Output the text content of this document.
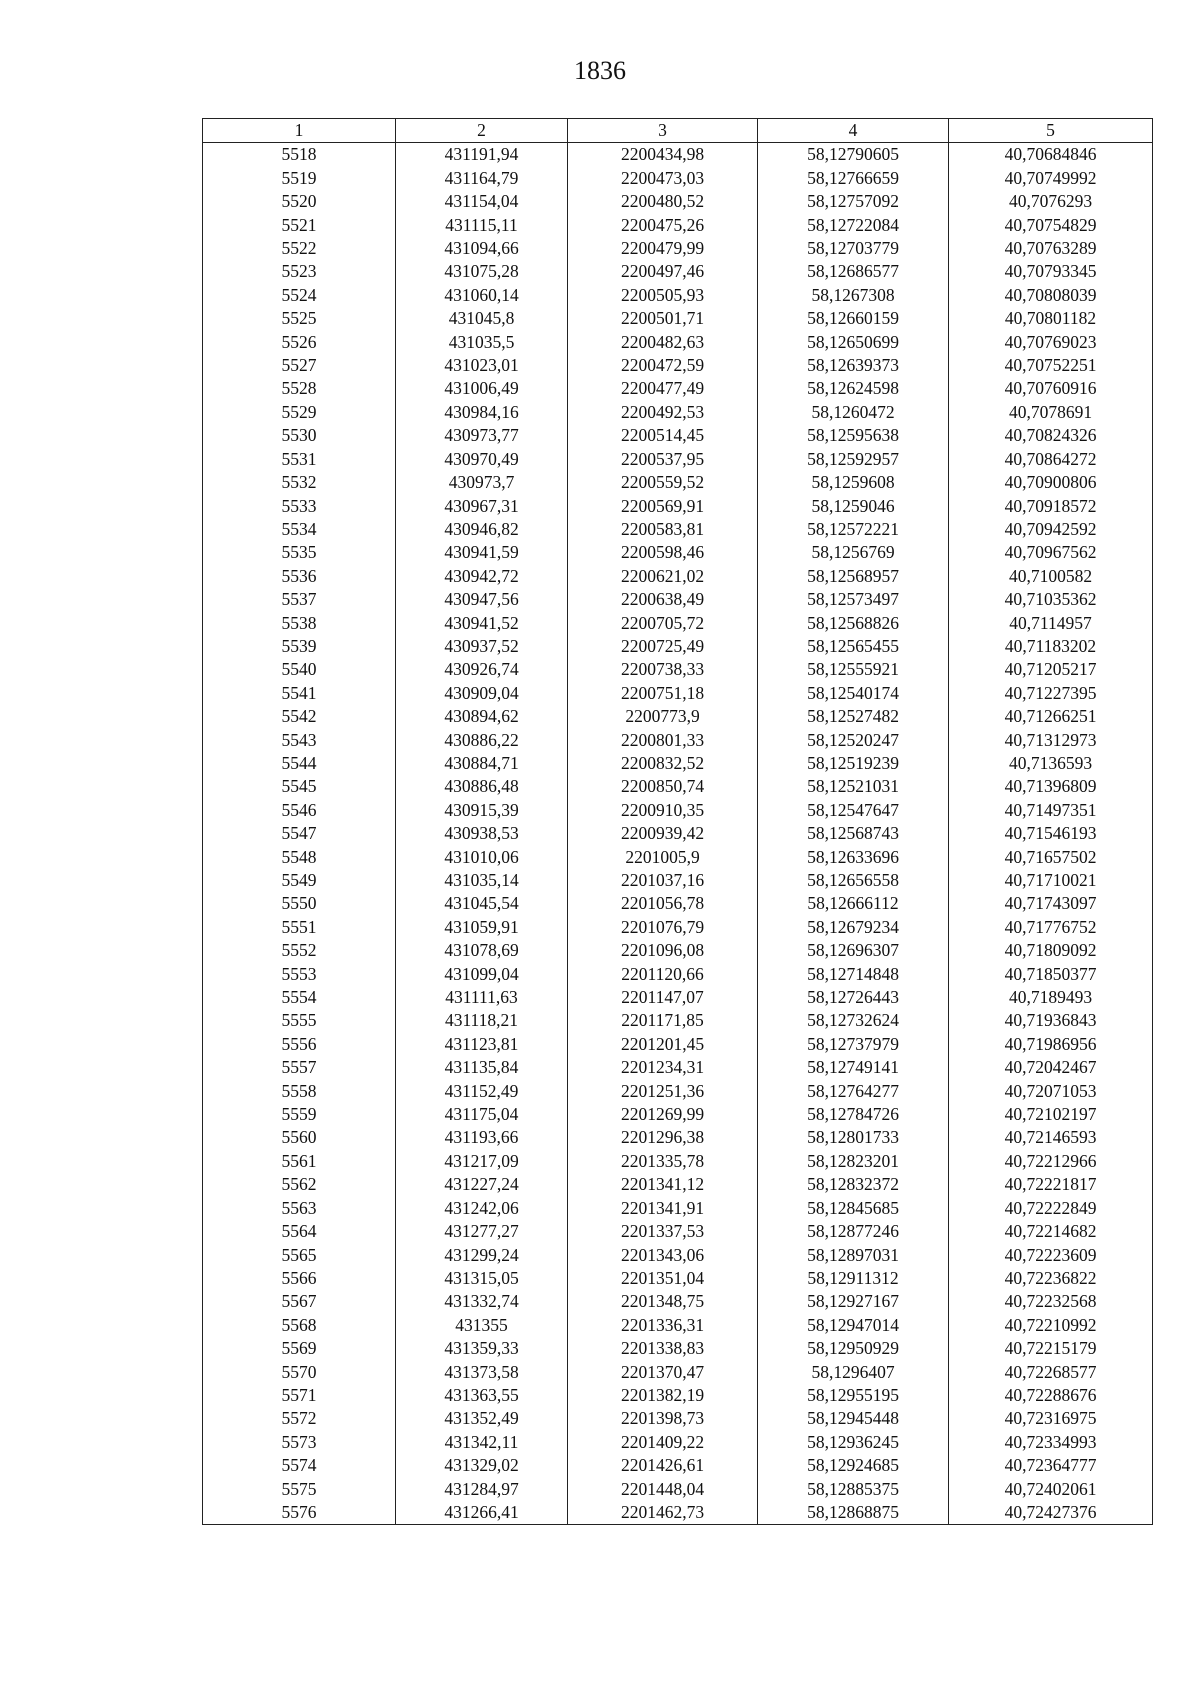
1836
1	2	3	4	5
5518	431191,94	2200434,98	58,12790605	40,70684846
5519	431164,79	2200473,03	58,12766659	40,70749992
5520	431154,04	2200480,52	58,12757092	40,7076293
5521	431115,11	2200475,26	58,12722084	40,70754829
5522	431094,66	2200479,99	58,12703779	40,70763289
5523	431075,28	2200497,46	58,12686577	40,70793345
5524	431060,14	2200505,93	58,1267308	40,70808039
5525	431045,8	2200501,71	58,12660159	40,70801182
5526	431035,5	2200482,63	58,12650699	40,70769023
5527	431023,01	2200472,59	58,12639373	40,70752251
5528	431006,49	2200477,49	58,12624598	40,70760916
5529	430984,16	2200492,53	58,1260472	40,7078691
5530	430973,77	2200514,45	58,12595638	40,70824326
5531	430970,49	2200537,95	58,12592957	40,70864272
5532	430973,7	2200559,52	58,1259608	40,70900806
5533	430967,31	2200569,91	58,1259046	40,70918572
5534	430946,82	2200583,81	58,12572221	40,70942592
5535	430941,59	2200598,46	58,1256769	40,70967562
5536	430942,72	2200621,02	58,12568957	40,7100582
5537	430947,56	2200638,49	58,12573497	40,71035362
5538	430941,52	2200705,72	58,12568826	40,7114957
5539	430937,52	2200725,49	58,12565455	40,71183202
5540	430926,74	2200738,33	58,12555921	40,71205217
5541	430909,04	2200751,18	58,12540174	40,71227395
5542	430894,62	2200773,9	58,12527482	40,71266251
5543	430886,22	2200801,33	58,12520247	40,71312973
5544	430884,71	2200832,52	58,12519239	40,7136593
5545	430886,48	2200850,74	58,12521031	40,71396809
5546	430915,39	2200910,35	58,12547647	40,71497351
5547	430938,53	2200939,42	58,12568743	40,71546193
5548	431010,06	2201005,9	58,12633696	40,71657502
5549	431035,14	2201037,16	58,12656558	40,71710021
5550	431045,54	2201056,78	58,12666112	40,71743097
5551	431059,91	2201076,79	58,12679234	40,71776752
5552	431078,69	2201096,08	58,12696307	40,71809092
5553	431099,04	2201120,66	58,12714848	40,71850377
5554	431111,63	2201147,07	58,12726443	40,7189493
5555	431118,21	2201171,85	58,12732624	40,71936843
5556	431123,81	2201201,45	58,12737979	40,71986956
5557	431135,84	2201234,31	58,12749141	40,72042467
5558	431152,49	2201251,36	58,12764277	40,72071053
5559	431175,04	2201269,99	58,12784726	40,72102197
5560	431193,66	2201296,38	58,12801733	40,72146593
5561	431217,09	2201335,78	58,12823201	40,72212966
5562	431227,24	2201341,12	58,12832372	40,72221817
5563	431242,06	2201341,91	58,12845685	40,72222849
5564	431277,27	2201337,53	58,12877246	40,72214682
5565	431299,24	2201343,06	58,12897031	40,72223609
5566	431315,05	2201351,04	58,12911312	40,72236822
5567	431332,74	2201348,75	58,12927167	40,72232568
5568	431355	2201336,31	58,12947014	40,72210992
5569	431359,33	2201338,83	58,12950929	40,72215179
5570	431373,58	2201370,47	58,1296407	40,72268577
5571	431363,55	2201382,19	58,12955195	40,72288676
5572	431352,49	2201398,73	58,12945448	40,72316975
5573	431342,11	2201409,22	58,12936245	40,72334993
5574	431329,02	2201426,61	58,12924685	40,72364777
5575	431284,97	2201448,04	58,12885375	40,72402061
5576	431266,41	2201462,73	58,12868875	40,72427376
